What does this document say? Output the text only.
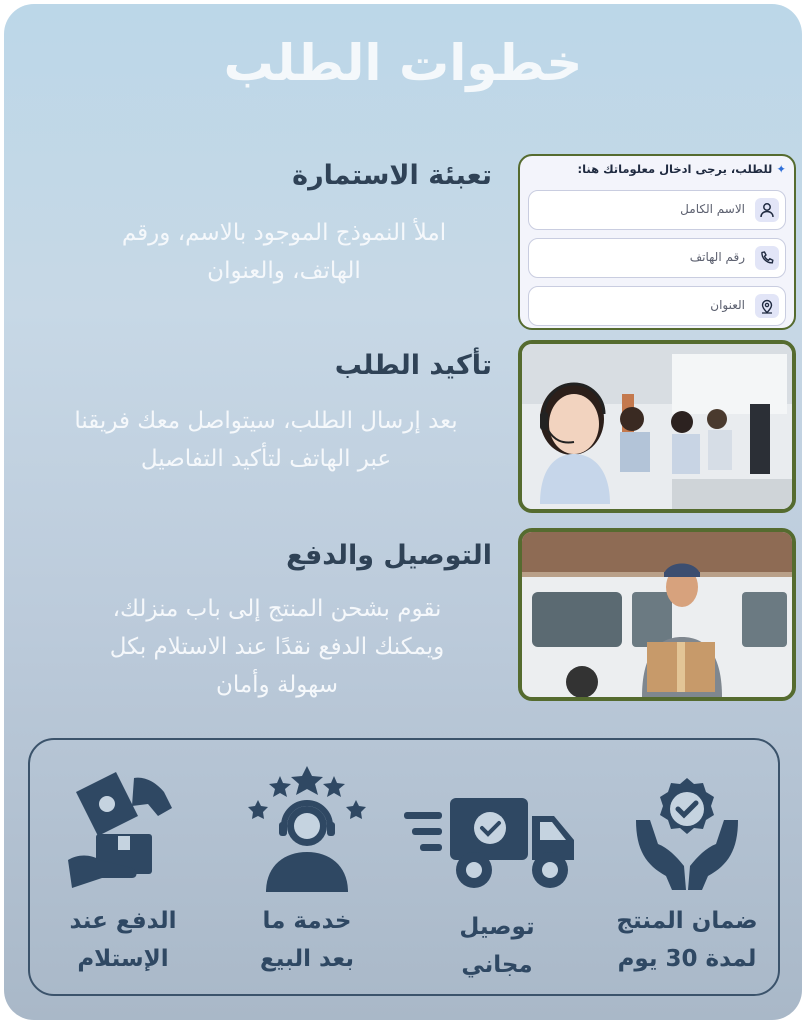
خطوات الطلب
تعبئة الاستمارة
املأ النموذج الموجود بالاسم، ورقم
الهاتف، والعنوان
✦للطلب، يرجى ادخال معلوماتك هنا:
الاسم الكامل
رقم الهاتف
العنوان
تأكيد الطلب
بعد إرسال الطلب، سيتواصل معك فريقنا
عبر الهاتف لتأكيد التفاصيل
التوصيل والدفع
نقوم بشحن المنتج إلى باب منزلك،
ويمكنك الدفع نقدًا عند الاستلام بكل
سهولة وأمان
ضمان المنتج
لمدة 30 يوم
توصيل
مجاني
خدمة ما
بعد البيع
الدفع عند
الإستلام
